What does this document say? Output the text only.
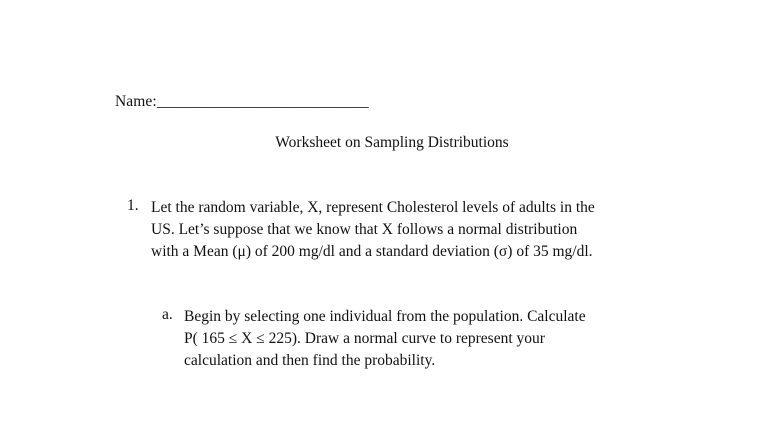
Name:___________________________
Worksheet on Sampling Distributions
1. Let the random variable, X, represent Cholesterol levels of adults in the
US. Let’s suppose that we know that X follows a normal distribution
with a Mean (μ) of 200 mg/dl and a standard deviation (σ) of 35 mg/dl.
a. Begin by selecting one individual from the population. Calculate
P( 165 ≤ X ≤ 225). Draw a normal curve to represent your
calculation and then find the probability.
